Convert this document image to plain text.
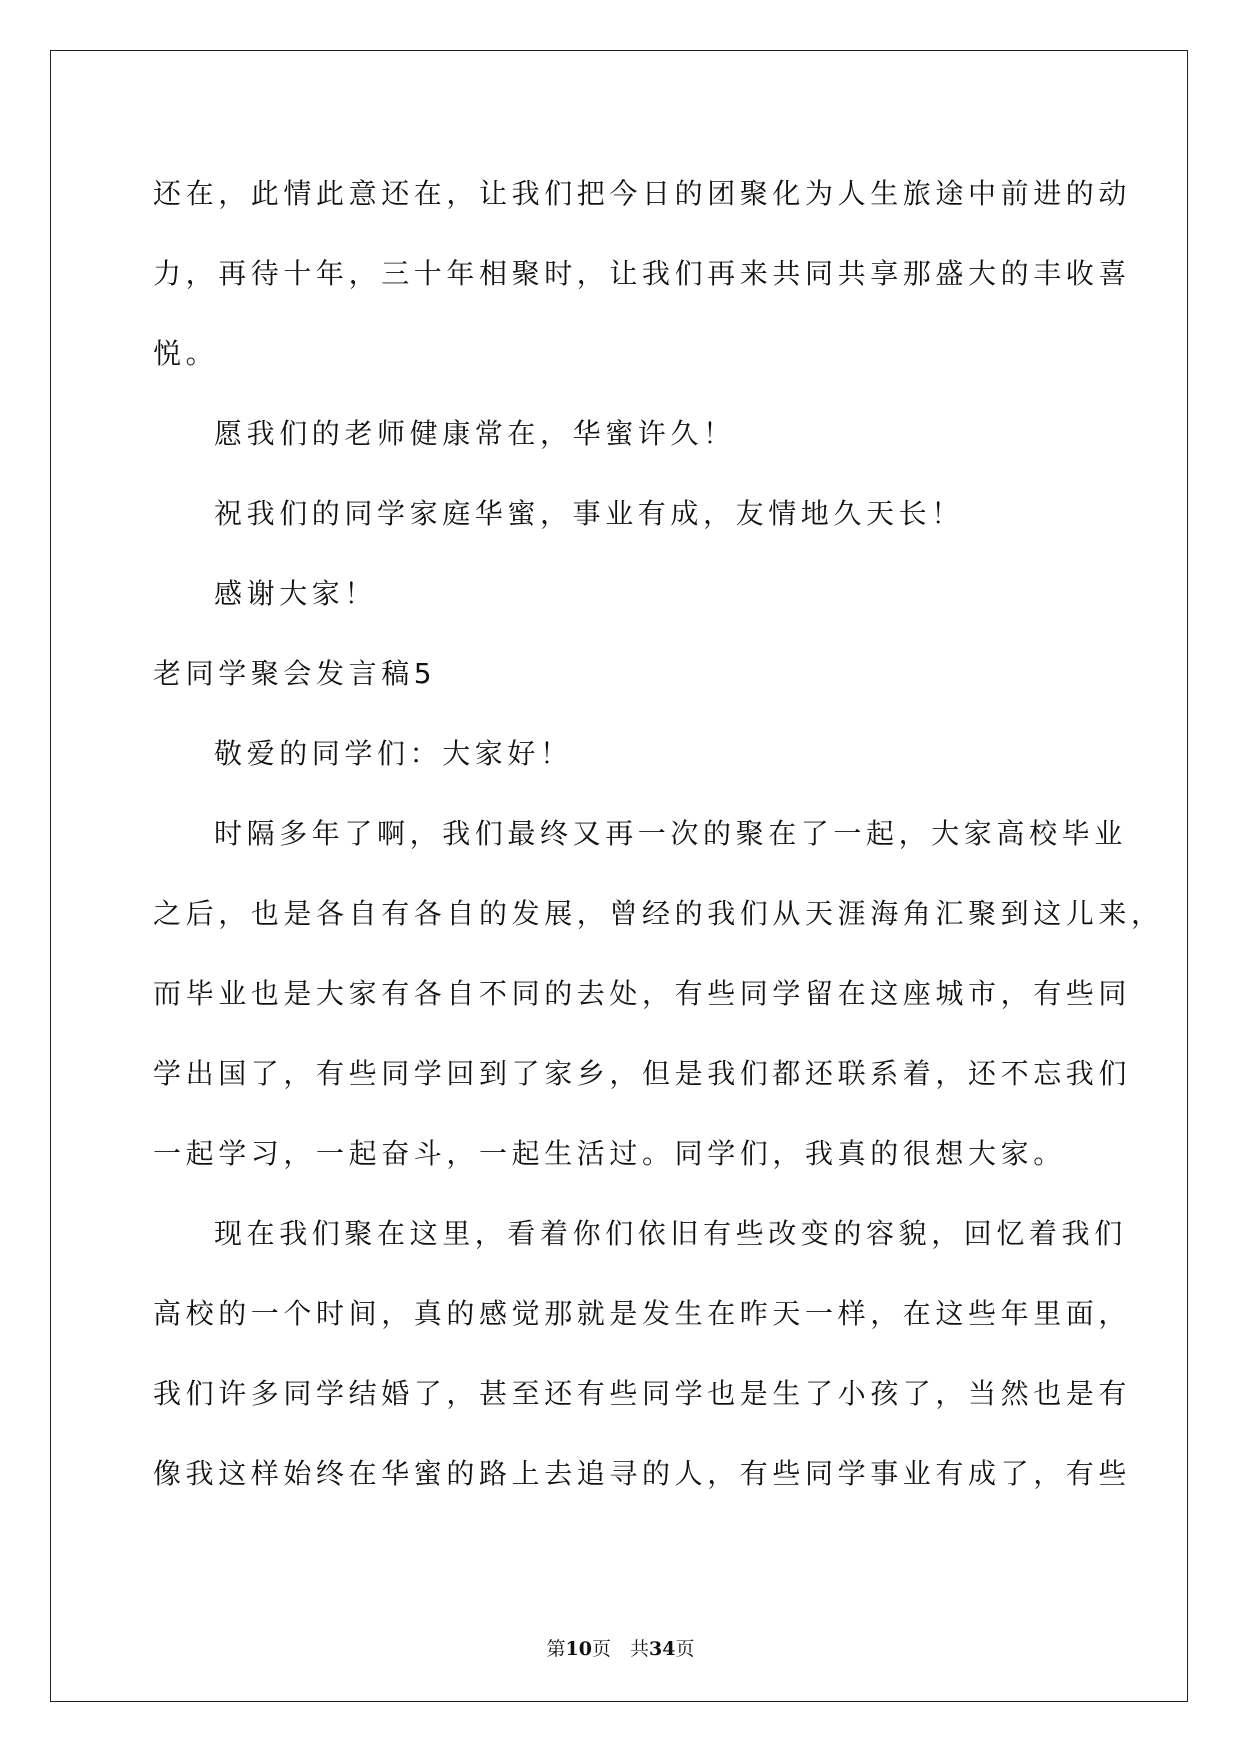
还在，此情此意还在，让我们把今日的团聚化为人生旅途中前进的动
力，再待十年，三十年相聚时，让我们再来共同共享那盛大的丰收喜
悦。
愿我们的老师健康常在，华蜜许久！
祝我们的同学家庭华蜜，事业有成，友情地久天长！
感谢大家！
老同学聚会发言稿5
敬爱的同学们：大家好！
时隔多年了啊，我们最终又再一次的聚在了一起，大家高校毕业
之后，也是各自有各自的发展，曾经的我们从天涯海角汇聚到这儿来，
而毕业也是大家有各自不同的去处，有些同学留在这座城市，有些同
学出国了，有些同学回到了家乡，但是我们都还联系着，还不忘我们
一起学习，一起奋斗，一起生活过。同学们，我真的很想大家。
现在我们聚在这里，看着你们依旧有些改变的容貌，回忆着我们
高校的一个时间，真的感觉那就是发生在昨天一样，在这些年里面，
我们许多同学结婚了，甚至还有些同学也是生了小孩了，当然也是有
像我这样始终在华蜜的路上去追寻的人，有些同学事业有成了，有些
第10页　共34页
